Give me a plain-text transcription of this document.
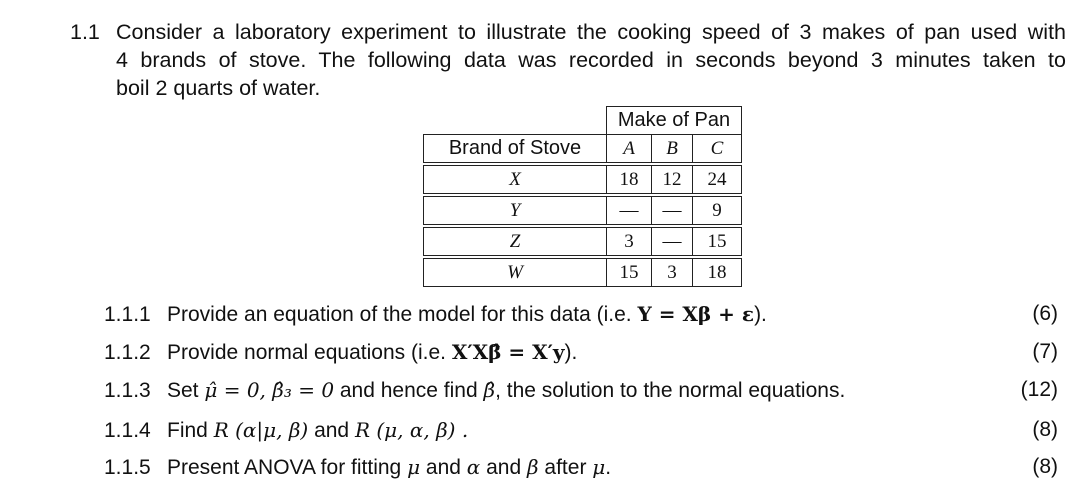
1.1 Consider a laboratory experiment to illustrate the cooking speed of 3 makes of pan used with
4 brands of stove. The following data was recorded in seconds beyond 3 minutes taken to
boil 2 quarts of water.
	Make of Pan		
Brand of Stove	A	B	C
X	18	12	24
Y	—	—	9
Z	3	—	15
W	15	3	18
1.1.1 Provide an equation of the model for this data (i.e. Y = Xβ + ε).	(6)
1.1.2 Provide normal equations (i.e. X′Xβ̂ = X′y).	(7)
1.1.3 Set μ̂ = 0, β̂₃ = 0 and hence find β̂, the solution to the normal equations.	(12)
1.1.4 Find R (α|μ, β) and R (μ, α, β) .	(8)
1.1.5 Present ANOVA for fitting μ and α and β after μ.	(8)
